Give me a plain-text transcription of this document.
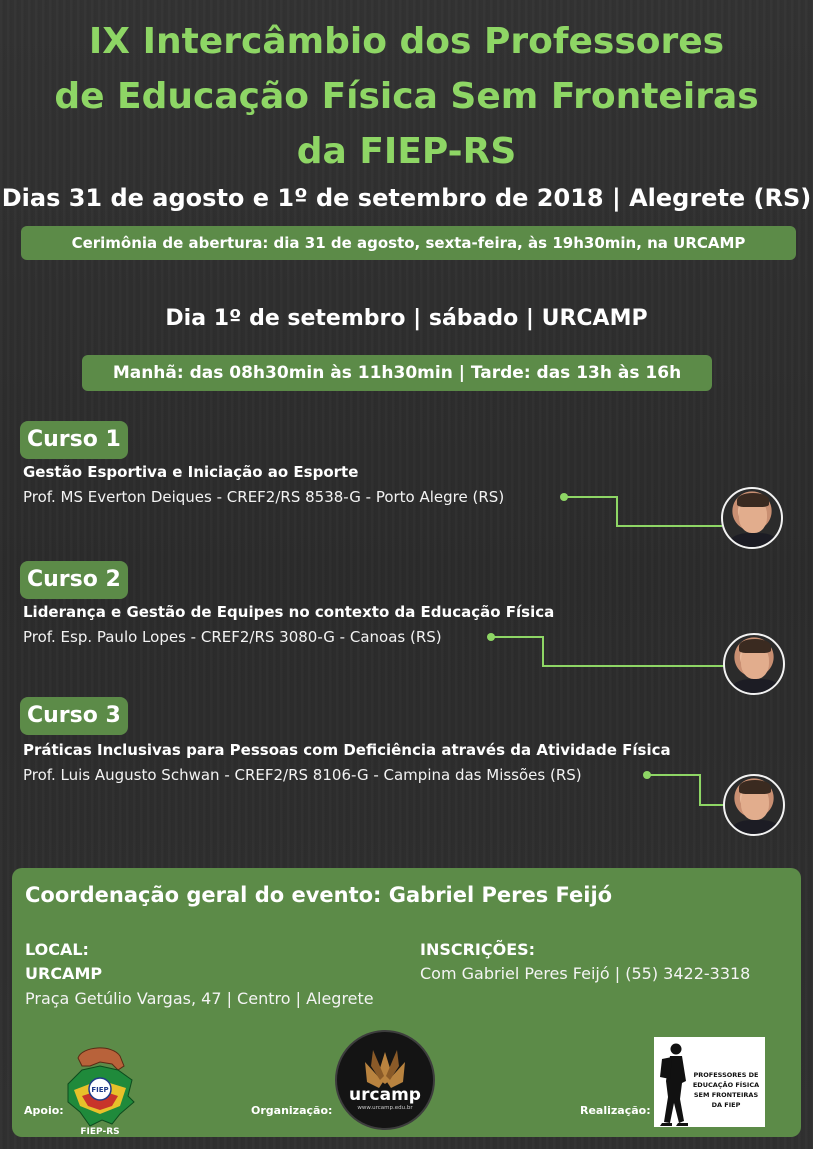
IX Intercâmbio dos Professores
de Educação Física Sem Fronteiras
da FIEP-RS
Dias 31 de agosto e 1º de setembro de 2018 | Alegrete (RS)
Cerimônia de abertura: dia 31 de agosto, sexta-feira, às 19h30min, na URCAMP
Dia 1º de setembro | sábado | URCAMP
Manhã: das 08h30min às 11h30min | Tarde: das 13h às 16h
Curso 1
Gestão Esportiva e Iniciação ao Esporte
Prof. MS Everton Deiques - CREF2/RS 8538-G - Porto Alegre (RS)
Curso 2
Liderança e Gestão de Equipes no contexto da Educação Física
Prof. Esp. Paulo Lopes - CREF2/RS 3080-G - Canoas (RS)
Curso 3
Práticas Inclusivas para Pessoas com Deficiência através da Atividade Física
Prof. Luis Augusto Schwan - CREF2/RS 8106-G - Campina das Missões (RS)
Coordenação geral do evento: Gabriel Peres Feijó
LOCAL:
URCAMP
Praça Getúlio Vargas, 47 | Centro | Alegrete
INSCRIÇÕES:
Com Gabriel Peres Feijó | (55) 3422-3318
Apoio:	Organização:	Realização:
FIEP
FIEP-RS
urcamp
www.urcamp.edu.br
PROFESSORES DE
EDUCAÇÃO FÍSICA
SEM FRONTEIRAS
DA FIEP
